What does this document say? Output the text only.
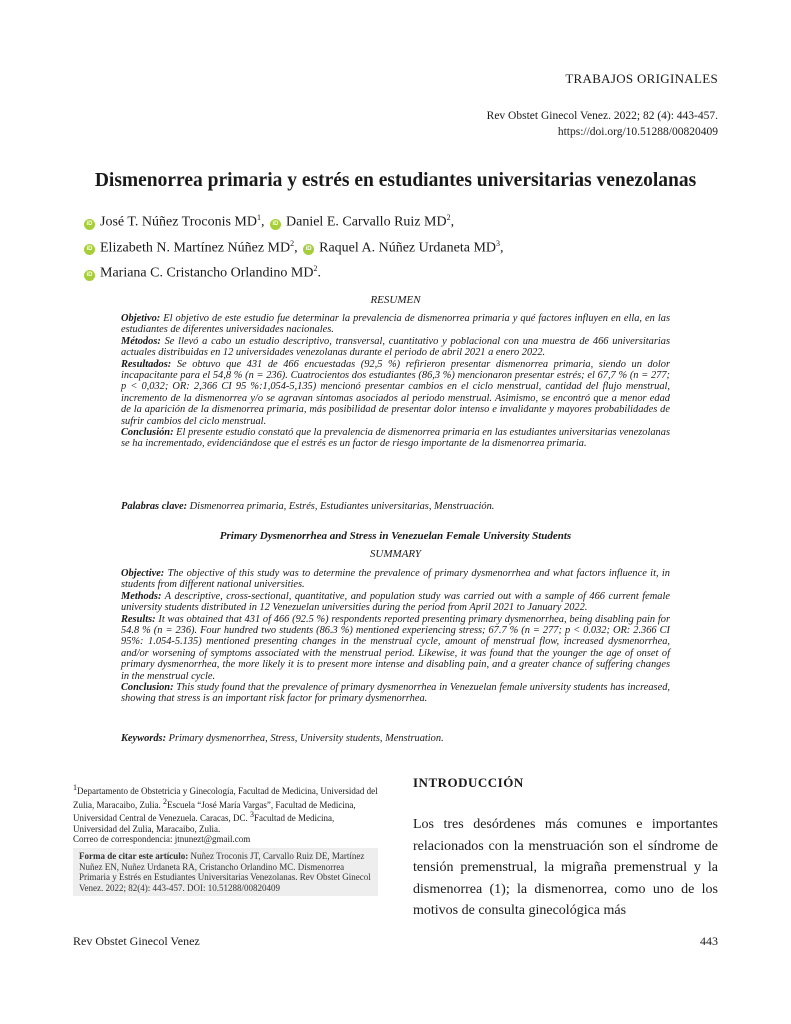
TRABAJOS ORIGINALES
Rev Obstet Ginecol Venez. 2022; 82 (4): 443-457.
https://doi.org/10.51288/00820409
Dismenorrea primaria y estrés en estudiantes universitarias venezolanas
iD José T. Núñez Troconis $MD^1$, iD Daniel E. Carvallo Ruiz $MD^2$,
iD Elizabeth N. Martínez Núñez $MD^2$, iD Raquel A. Núñez Urdaneta $MD^3$,
iD Mariana C. Cristancho Orlandino $MD^2$.
RESUMEN

Objetivo: El objetivo de este estudio fue determinar la prevalencia de dismenorrea primaria y qué factores influyen en ella, en las estudiantes de diferentes universidades nacionales.

Métodos: Se llevó a cabo un estudio descriptivo, transversal, cuantitativo y poblacional con una muestra de 466 universitarias actuales distribuidas en 12 universidades venezolanas durante el periodo de abril 2021 a enero 2022.

Resultados: Se obtuvo que 431 de 466 encuestadas (92,5 %) refirieron presentar dismenorrea primaria, siendo un dolor incapacitante para el 54,8 % (n = 236). Cuatrocientos dos estudiantes (86,3 %) mencionaron presentar estrés; el 67,7 % (n = 277; p < 0,032; OR: 2,366 CI 95 %:1,054-5,135) mencionó presentar cambios en el ciclo menstrual, cantidad del flujo menstrual, incremento de la dismenorrea y/o se agravan síntomas asociados al periodo menstrual. Asimismo, se encontró que a menor edad de la aparición de la dismenorrea primaria, más posibilidad de presentar dolor intenso e invalidante y mayores probabilidades de sufrir cambios del ciclo menstrual.

Conclusión: El presente estudio constató que la prevalencia de dismenorrea primaria en las estudiantes universitarias venezolanas se ha incrementado, evidenciándose que el estrés es un factor de riesgo importante de la dismenorrea primaria.

Palabras clave: Dismenorrea primaria, Estrés, Estudiantes universitarias, Menstruación.
Primary Dysmenorrhea and Stress in Venezuelan Female University Students
SUMMARY

Objective: The objective of this study was to determine the prevalence of primary dysmenorrhea and what factors influence it, in students from different national universities.

Methods: A descriptive, cross-sectional, quantitative, and population study was carried out with a sample of 466 current female university students distributed in 12 Venezuelan universities during the period from April 2021 to January 2022.

Results: It was obtained that 431 of 466 (92.5 %) respondents reported presenting primary dysmenorrhea, being disabling pain for 54.8 % (n = 236). Four hundred two students (86.3 %) mentioned experiencing stress; 67.7 % (n = 277; p < 0.032; OR: 2.366 CI 95%: 1.054-5.135) mentioned presenting changes in the menstrual cycle, amount of menstrual flow, increased dysmenorrhea, and/or worsening of symptoms associated with the menstrual period. Likewise, it was found that the younger the age of onset of primary dysmenorrhea, the more likely it is to present more intense and disabling pain, and a greater chance of suffering changes in the menstrual cycle.

Conclusion: This study found that the prevalence of primary dysmenorrhea in Venezuelan female university students has increased, showing that stress is an important risk factor for primary dysmenorrhea.

Keywords: Primary dysmenorrhea, Stress, University students, Menstruation.

$^1$Departamento de Obstetricia y Ginecología, Facultad de Medicina, Universidad del Zulia, Maracaibo, Zulia. $^2$Escuela “José María Vargas”, Facultad de Medicina, Universidad Central de Venezuela. Caracas, DC. $^3$Facultad de Medicina, Universidad del Zulia, Maracaibo, Zulia.

Correo de correspondencia: jtnunezt@gmail.com

Forma de citar este artículo: Nuñez Troconis JT, Carvallo Ruiz DE, Martínez Nuñez EN, Nuñez Urdaneta RA, Cristancho Orlandino MC. Dismenorrea Primaria y Estrés en Estudiantes Universitarias Venezolanas. Rev Obstet Ginecol Venez. 2022; 82(4): 443-457. DOI: 10.51288/00820409
INTRODUCCIÓN

Los tres desórdenes más comunes e importantes relacionados con la menstruación son el síndrome de tensión premenstrual, la migraña premenstrual y la dismenorrea (1); la dismenorrea, como uno de los motivos de consulta ginecológica más

Rev Obstet Ginecol Venez	443
